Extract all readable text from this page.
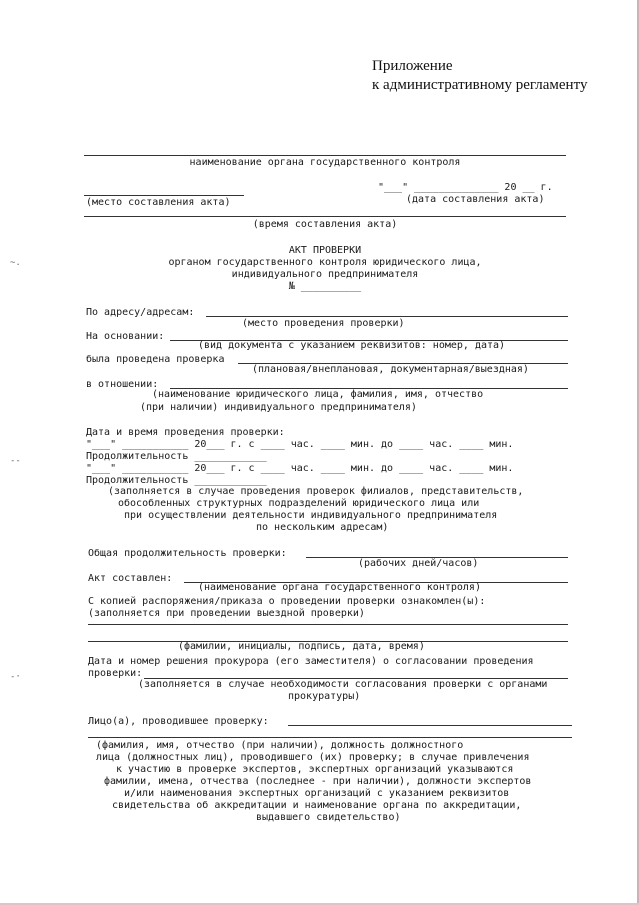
Приложение
к административному регламенту
наименование органа государственного контроля
"___" ______________ 20 __ г.
(место составления акта)	(дата составления акта)
(время составления акта)
АКТ ПРОВЕРКИ
органом государственного контроля юридического лица,
индивидуального предпринимателя
№ __________
По адресу/адресам:
(место проведения проверки)
На основании:
(вид документа с указанием реквизитов: номер, дата)
была проведена проверка
(плановая/внеплановая, документарная/выездная)
в отношении:
(наименование юридического лица, фамилия, имя, отчество
(при наличии) индивидуального предпринимателя)
Дата и время проведения проверки:
"___" ___________ 20___ г. с ____ час. ____ мин. до ____ час. ____ мин.
Продолжительность ____________
"___" ___________ 20___ г. с ____ час. ____ мин. до ____ час. ____ мин.
Продолжительность ____________
(заполняется в случае проведения проверок филиалов, представительств,
обособленных структурных подразделений юридического лица или
при осуществлении деятельности индивидуального предпринимателя
по нескольким адресам)
Общая продолжительность проверки:
(рабочих дней/часов)
Акт составлен:
(наименование органа государственного контроля)
С копией распоряжения/приказа о проведении проверки ознакомлен(ы):
(заполняется при проведении выездной проверки)
(фамилии, инициалы, подпись, дата, время)
Дата и номер решения прокурора (его заместителя) о согласовании проведения
проверки:
(заполняется в случае необходимости согласования проверки с органами
прокуратуры)
Лицо(а), проводившее проверку:
(фамилия, имя, отчество (при наличии), должность должностного
лица (должностных лиц), проводившего (их) проверку; в случае привлечения
к участию в проверке экспертов, экспертных организаций указываются
фамилии, имена, отчества (последнее - при наличии), должности экспертов
и/или наименования экспертных организаций с указанием реквизитов
свидетельства об аккредитации и наименование органа по аккредитации,
выдавшего свидетельство)
~.
--
-·
